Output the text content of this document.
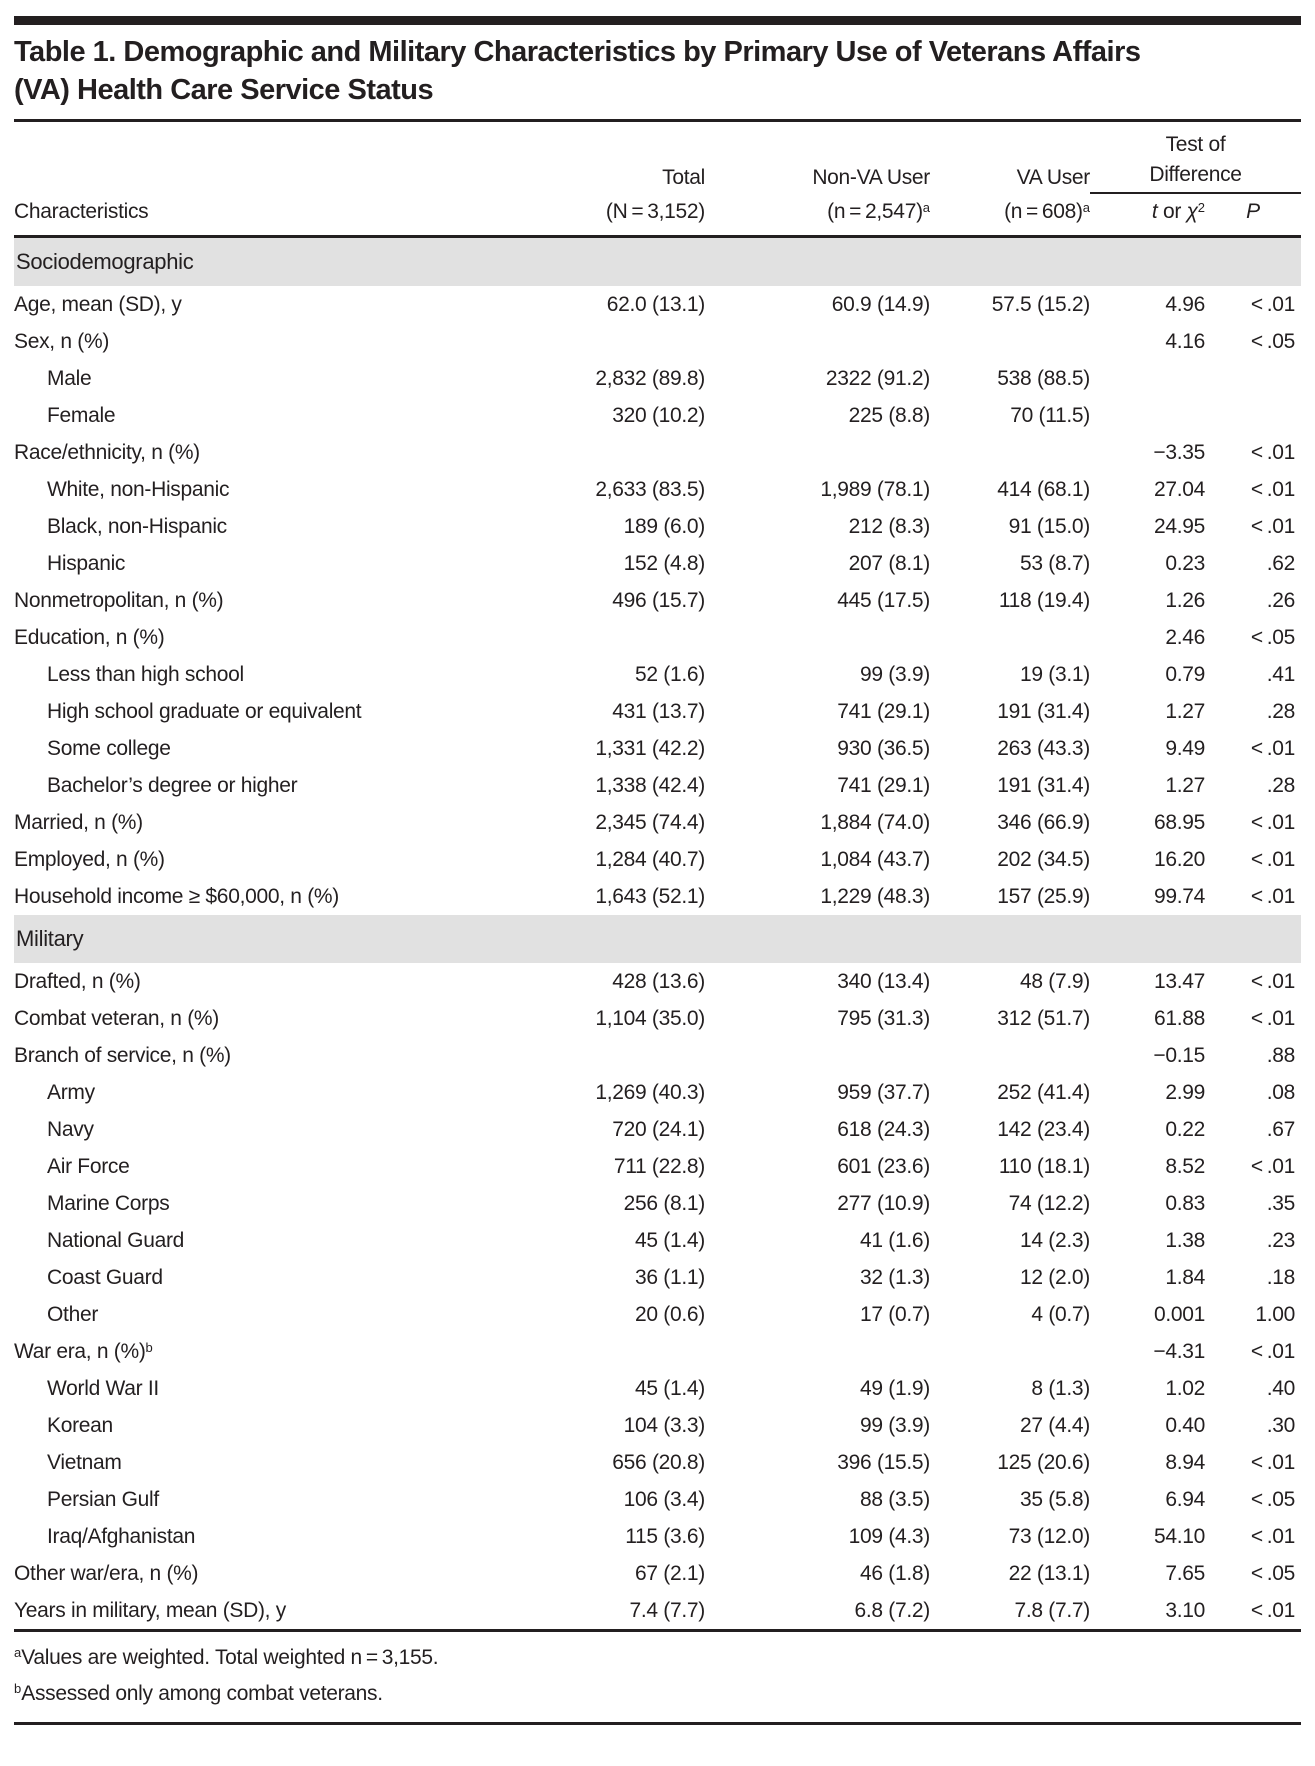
Table 1. Demographic and Military Characteristics by Primary Use of Veterans Affairs (VA) Health Care Service Status
	Total	Non-VA User	VA User	Test of
Difference	
Characteristics	(N = 3,152)	(n = 2,547)$^a$	(n = 608)$^a$	t or $\chi^2$	P
Sociodemographic					
Age, mean (SD), y	62.0 (13.1)	60.9 (14.9)	57.5 (15.2)	4.96	< .01
Sex, n (%)				4.16	< .05
Male	2,832 (89.8)	2322 (91.2)	538 (88.5)		
Female	320 (10.2)	225 (8.8)	70 (11.5)		
Race/ethnicity, n (%)				−3.35	< .01
White, non-Hispanic	2,633 (83.5)	1,989 (78.1)	414 (68.1)	27.04	< .01
Black, non-Hispanic	189 (6.0)	212 (8.3)	91 (15.0)	24.95	< .01
Hispanic	152 (4.8)	207 (8.1)	53 (8.7)	0.23	.62
Nonmetropolitan, n (%)	496 (15.7)	445 (17.5)	118 (19.4)	1.26	.26
Education, n (%)				2.46	< .05
Less than high school	52 (1.6)	99 (3.9)	19 (3.1)	0.79	.41
High school graduate or equivalent	431 (13.7)	741 (29.1)	191 (31.4)	1.27	.28
Some college	1,331 (42.2)	930 (36.5)	263 (43.3)	9.49	< .01
Bachelor’s degree or higher	1,338 (42.4)	741 (29.1)	191 (31.4)	1.27	.28
Married, n (%)	2,345 (74.4)	1,884 (74.0)	346 (66.9)	68.95	< .01
Employed, n (%)	1,284 (40.7)	1,084 (43.7)	202 (34.5)	16.20	< .01
Household income ≥ $60,000, n (%)	1,643 (52.1)	1,229 (48.3)	157 (25.9)	99.74	< .01
Military					
Drafted, n (%)	428 (13.6)	340 (13.4)	48 (7.9)	13.47	< .01
Combat veteran, n (%)	1,104 (35.0)	795 (31.3)	312 (51.7)	61.88	< .01
Branch of service, n (%)				−0.15	.88
Army	1,269 (40.3)	959 (37.7)	252 (41.4)	2.99	.08
Navy	720 (24.1)	618 (24.3)	142 (23.4)	0.22	.67
Air Force	711 (22.8)	601 (23.6)	110 (18.1)	8.52	< .01
Marine Corps	256 (8.1)	277 (10.9)	74 (12.2)	0.83	.35
National Guard	45 (1.4)	41 (1.6)	14 (2.3)	1.38	.23
Coast Guard	36 (1.1)	32 (1.3)	12 (2.0)	1.84	.18
Other	20 (0.6)	17 (0.7)	4 (0.7)	0.001	1.00
War era, n (%)$^b$				−4.31	< .01
World War II	45 (1.4)	49 (1.9)	8 (1.3)	1.02	.40
Korean	104 (3.3)	99 (3.9)	27 (4.4)	0.40	.30
Vietnam	656 (20.8)	396 (15.5)	125 (20.6)	8.94	< .01
Persian Gulf	106 (3.4)	88 (3.5)	35 (5.8)	6.94	< .05
Iraq/Afghanistan	115 (3.6)	109 (4.3)	73 (12.0)	54.10	< .01
Other war/era, n (%)	67 (2.1)	46 (1.8)	22 (13.1)	7.65	< .05
Years in military, mean (SD), y	7.4 (7.7)	6.8 (7.2)	7.8 (7.7)	3.10	< .01
$^a$Values are weighted. Total weighted n = 3,155.
$^b$Assessed only among combat veterans.
